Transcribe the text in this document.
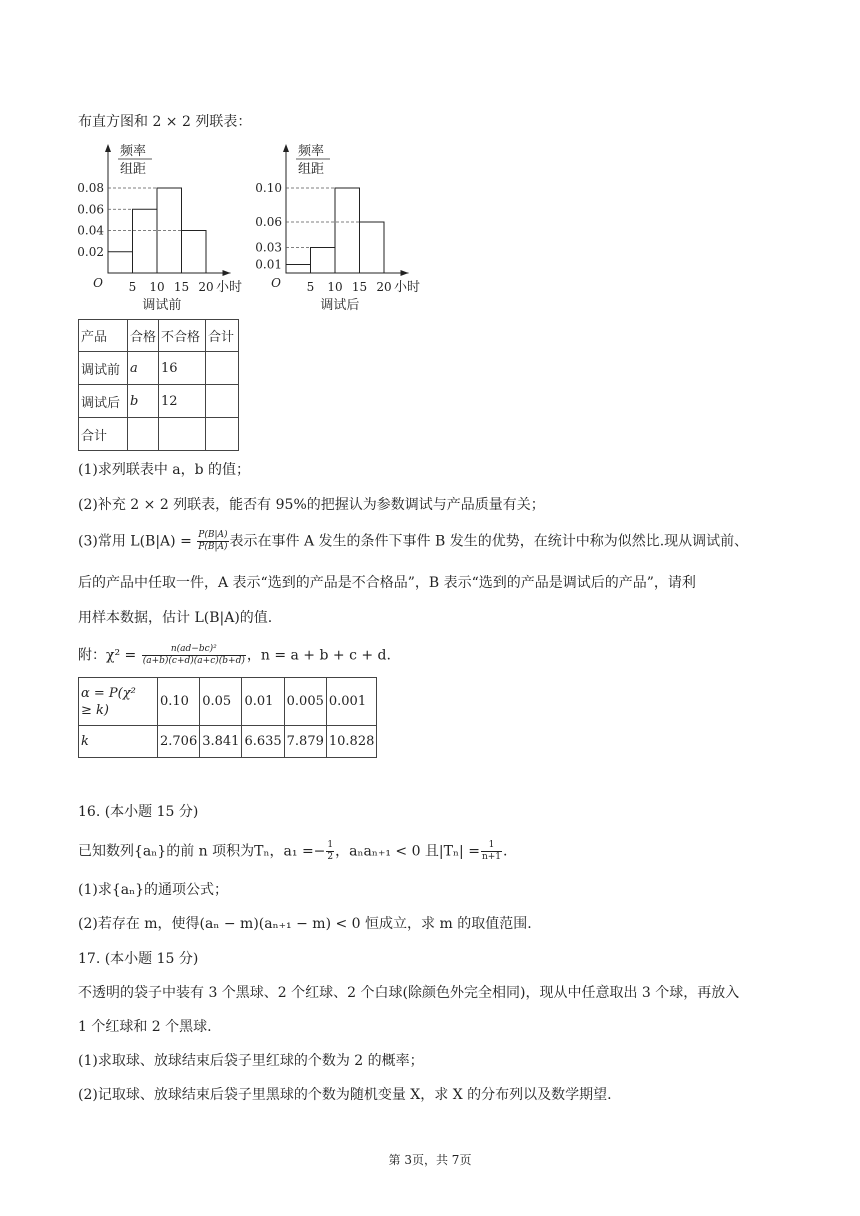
布直方图和 2 × 2 列联表：
频率
组距
0.08
0.06
0.04
0.02
5 10 15 20
O	小时
调试前
频率
组距
0.10
0.06
0.03
0.01
5 10 15 20
O	小时
调试后
产品	合格	不合格	合计
调试前	a	16	
调试后	b	12	
合计			
(1)求列联表中 a，b 的值；
(2)补充 2 × 2 列联表，能否有 95%的把握认为参数调试与产品质量有关；
(3)常用 $L(B|A) = \frac{P(B|A)}{P(B|A)}$ 表示在事件 A 发生的条件下事件 B 发生的优势，在统计中称为似然比.现从调试前、
后的产品中任取一件，A 表示“选到的产品是不合格品”，B 表示“选到的产品是调试后的产品”，请利
用样本数据，估计 L(B|A)的值.
附：$\chi^2 = \frac{\text{n(ad−bc)²}}{(a+b)(c+d)(a+c)(b+d)}$ ，n = a + b + c + d.
α = P(χ²
≥ k)	0.10	0.05	0.01	0.005	0.001
k	2.706	3.841	6.635	7.879	10.828
16. (本小题 15 分)
已知数列{aₙ}的前 n 项积为Tₙ，$a_1 =- \frac{1}{2}$ ，aₙaₙ₊₁ < 0 且$|T_n| = \frac{1}{n+1}$ .
(1)求{aₙ}的通项公式；
(2)若存在 m，使得(aₙ − m)(aₙ₊₁ − m) < 0 恒成立，求 m 的取值范围.
17. (本小题 15 分)
不透明的袋子中装有 3 个黑球、2 个红球、2 个白球(除颜色外完全相同)，现从中任意取出 3 个球，再放入
1 个红球和 2 个黑球.
(1)求取球、放球结束后袋子里红球的个数为 2 的概率；
(2)记取球、放球结束后袋子里黑球的个数为随机变量 X，求 X 的分布列以及数学期望.
第 3页，共 7页
